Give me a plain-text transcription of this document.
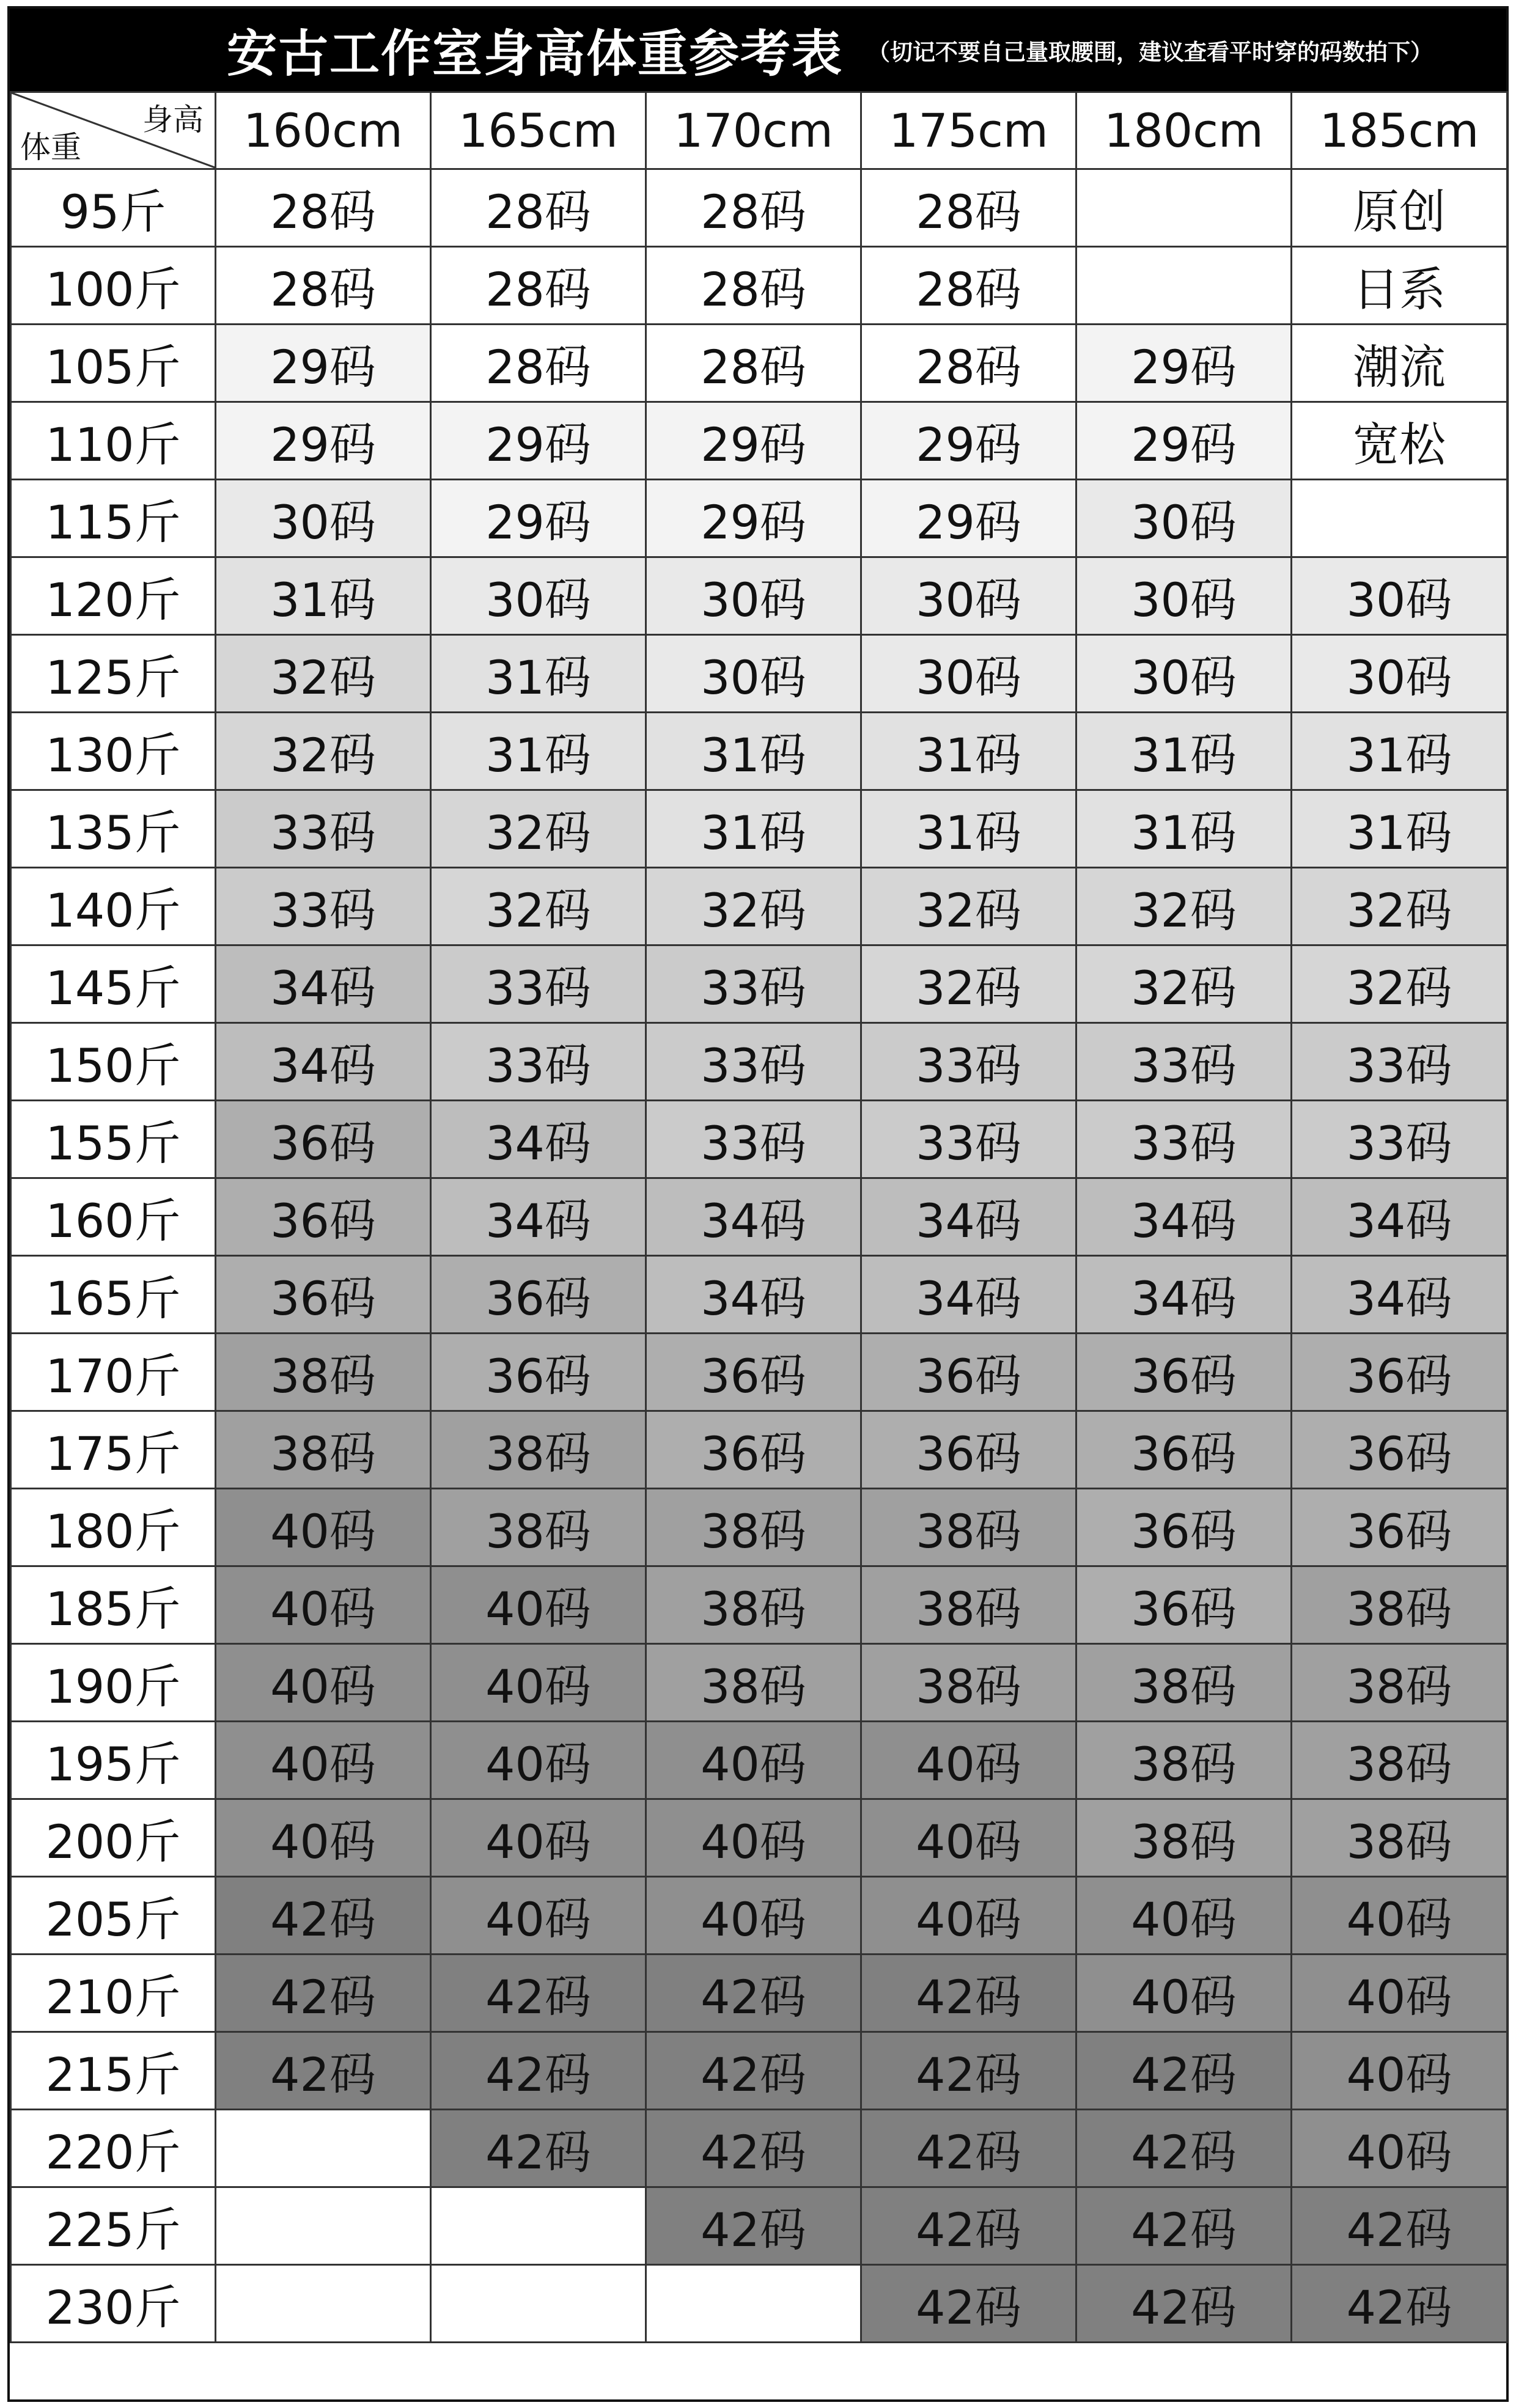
安古工作室身高体重参考表 （切记不要自己量取腰围，建议查看平时穿的码数拍下）
身高
体重	160cm	165cm	170cm	175cm	180cm	185cm
95斤	28码	28码	28码	28码		原创
100斤	28码	28码	28码	28码		日系
105斤	29码	28码	28码	28码	29码	潮流
110斤	29码	29码	29码	29码	29码	宽松
115斤	30码	29码	29码	29码	30码	
120斤	31码	30码	30码	30码	30码	30码
125斤	32码	31码	30码	30码	30码	30码
130斤	32码	31码	31码	31码	31码	31码
135斤	33码	32码	31码	31码	31码	31码
140斤	33码	32码	32码	32码	32码	32码
145斤	34码	33码	33码	32码	32码	32码
150斤	34码	33码	33码	33码	33码	33码
155斤	36码	34码	33码	33码	33码	33码
160斤	36码	34码	34码	34码	34码	34码
165斤	36码	36码	34码	34码	34码	34码
170斤	38码	36码	36码	36码	36码	36码
175斤	38码	38码	36码	36码	36码	36码
180斤	40码	38码	38码	38码	36码	36码
185斤	40码	40码	38码	38码	36码	38码
190斤	40码	40码	38码	38码	38码	38码
195斤	40码	40码	40码	40码	38码	38码
200斤	40码	40码	40码	40码	38码	38码
205斤	42码	40码	40码	40码	40码	40码
210斤	42码	42码	42码	42码	40码	40码
215斤	42码	42码	42码	42码	42码	40码
220斤		42码	42码	42码	42码	40码
225斤			42码	42码	42码	42码
230斤				42码	42码	42码
